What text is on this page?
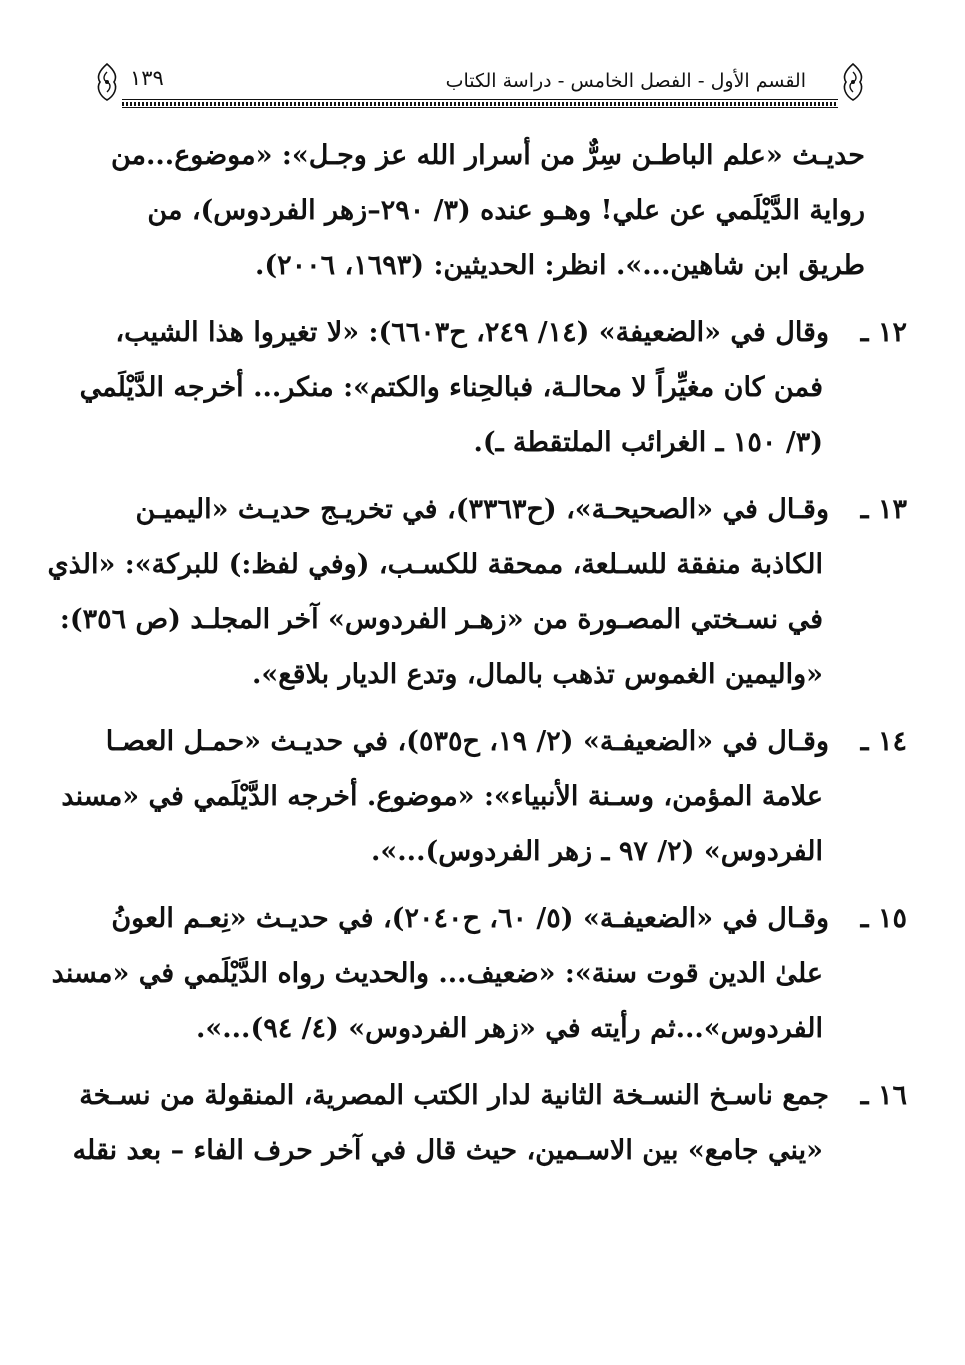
القسم الأول - الفصل الخامس - دراسة الكتاب
١٣٩
حديـث «علم الباطـن سِرٌّ من أسرار الله عز وجـل»: «موضوع...من
رواية الدَّيْلَمي عن علي! وهـو عنده (٣/ ٢٩٠–زهر الفردوس)، من
طريق ابن شاهين...». انظر: الحديثين: (١٦٩٣، ٢٠٠٦).
١٢ ـوقال في «الضعيفة» (١٤/ ٢٤٩، ح٦٦٠٣): «لا تغيروا هذا الشيب،
فمن كان مغيِّراً لا محالـة، فبالحِناء والكتم»: منكر... أخرجه الدَّيْلَمي
(٣/ ١٥٠ ـ الغرائب الملتقطة ـ).
١٣ ـوقـال في «الصحيحـة»، (ح٣٣٦٣)، في تخريـج حديـث «اليميـن
الكاذبة منفقة للسـلعة، ممحقة للكسـب، (وفي لفظ:) للبركة»: «الذي
في نسـختي المصـورة من «زهـر الفردوس» آخر المجلـد (ص ٣٥٦):
«واليمين الغموس تذهب بالمال، وتدع الديار بلاقع».
١٤ ـوقـال في «الضعيفـة» (٢/ ١٩، ح٥٣٥)، في حديـث «حمـل العصـا
علامة المؤمن، وسـنة الأنبياء»: «موضوع. أخرجه الدَّيْلَمي في «مسند
الفردوس» (٢/ ٩٧ ـ زهر الفردوس)...».
١٥ ـوقـال في «الضعيفـة» (٥/ ٦٠، ح٢٠٤٠)، في حديـث «نِعـم العونُ
علىٰ الدين قوت سنة»: «ضعيف... والحديث رواه الدَّيْلَمي في «مسند
الفردوس»...ثم رأيته في «زهر الفردوس» (٤/ ٩٤)...».
١٦ ـجمع ناسـخ النسـخة الثانية لدار الكتب المصرية، المنقولة من نسـخة
«يني جامع» بين الاسـمين، حيث قال في آخر حرف الفاء – بعد نقله
